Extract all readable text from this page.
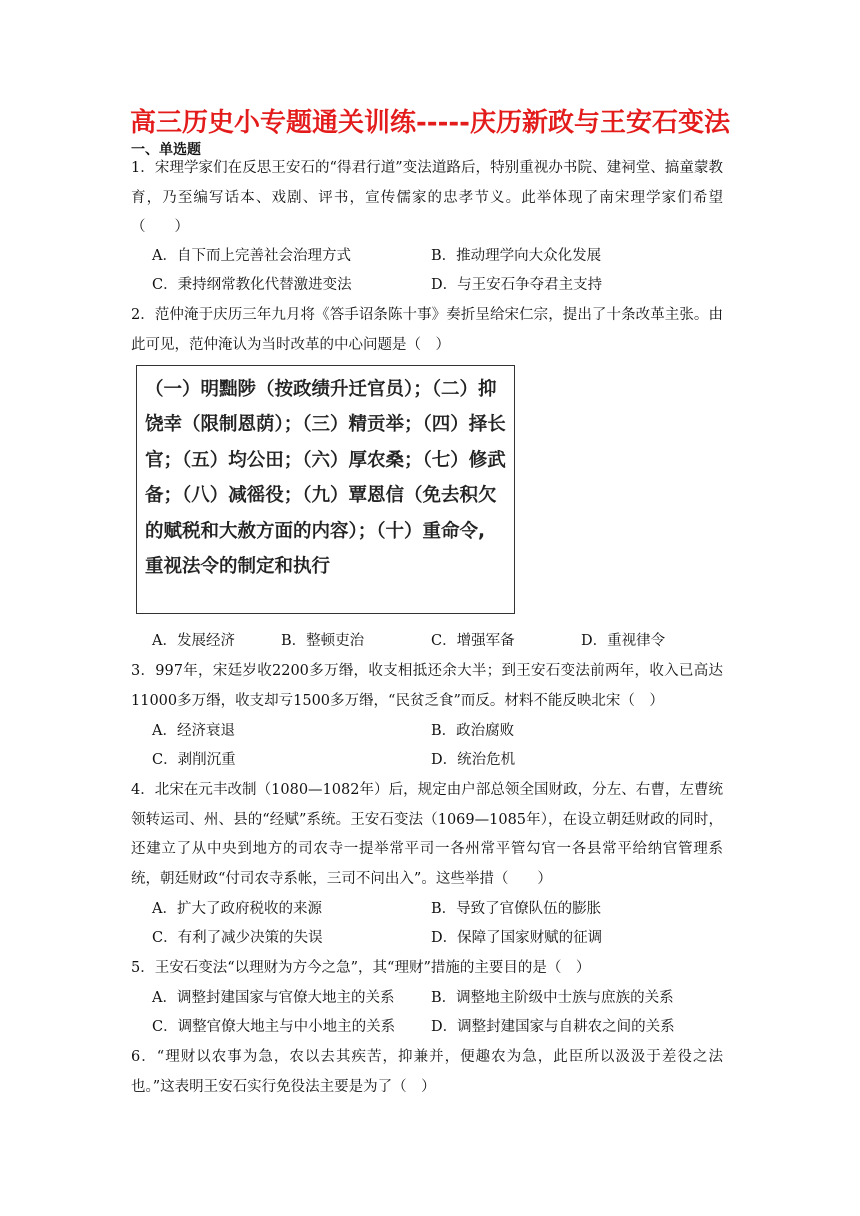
高三历史小专题通关训练-----庆历新政与王安石变法
一、单选题
1．宋理学家们在反思王安石的“得君行道”变法道路后，特别重视办书院、建祠堂、搞童蒙教育，乃至编写话本、戏剧、评书，宣传儒家的忠孝节义。此举体现了南宋理学家们希望（　　）
A．自下而上完善社会治理方式	B．推动理学向大众化发展
C．秉持纲常教化代替激进变法	D．与王安石争夺君主支持
2．范仲淹于庆历三年九月将《答手诏条陈十事》奏折呈给宋仁宗，提出了十条改革主张。由此可见，范仲淹认为当时改革的中心问题是（　）
（一）明黜陟（按政绩升迁官员）；（二）抑饶幸（限制恩荫）；（三）精贡举；（四）择长官；（五）均公田；（六）厚农桑；（七）修武备；（八）减徭役；（九）覃恩信（免去积欠的赋税和大赦方面的内容）；（十）重命令, 重视法令的制定和执行
A．发展经济	B．整顿吏治	C．增强军备	D．重视律令
3．997年，宋廷岁收2200多万缗，收支相抵还余大半；到王安石变法前两年，收入已高达11000多万缗，收支却亏1500多万缗，“民贫乏食”而反。材料不能反映北宋（　）
A．经济衰退	B．政治腐败
C．剥削沉重	D．统治危机
4．北宋在元丰改制（1080—1082年）后，规定由户部总领全国财政，分左、右曹，左曹统领转运司、州、县的“经赋”系统。王安石变法（1069—1085年），在设立朝廷财政的同时，还建立了从中央到地方的司农寺一提举常平司一各州常平管勾官一各县常平给纳官管理系统，朝廷财政“付司农寺系帐，三司不问出入”。这些举措（　　）
A．扩大了政府税收的来源	B．导致了官僚队伍的膨胀
C．有利了减少决策的失误	D．保障了国家财赋的征调
5．王安石变法“以理财为方今之急”，其“理财”措施的主要目的是（　）
A．调整封建国家与官僚大地主的关系	B．调整地主阶级中士族与庶族的关系
C．调整官僚大地主与中小地主的关系 D．调整封建国家与自耕农之间的关系
6．“理财以农事为急，农以去其疾苦，抑兼并，便趣农为急，此臣所以汲汲于差役之法也。”这表明王安石实行免役法主要是为了（　）
